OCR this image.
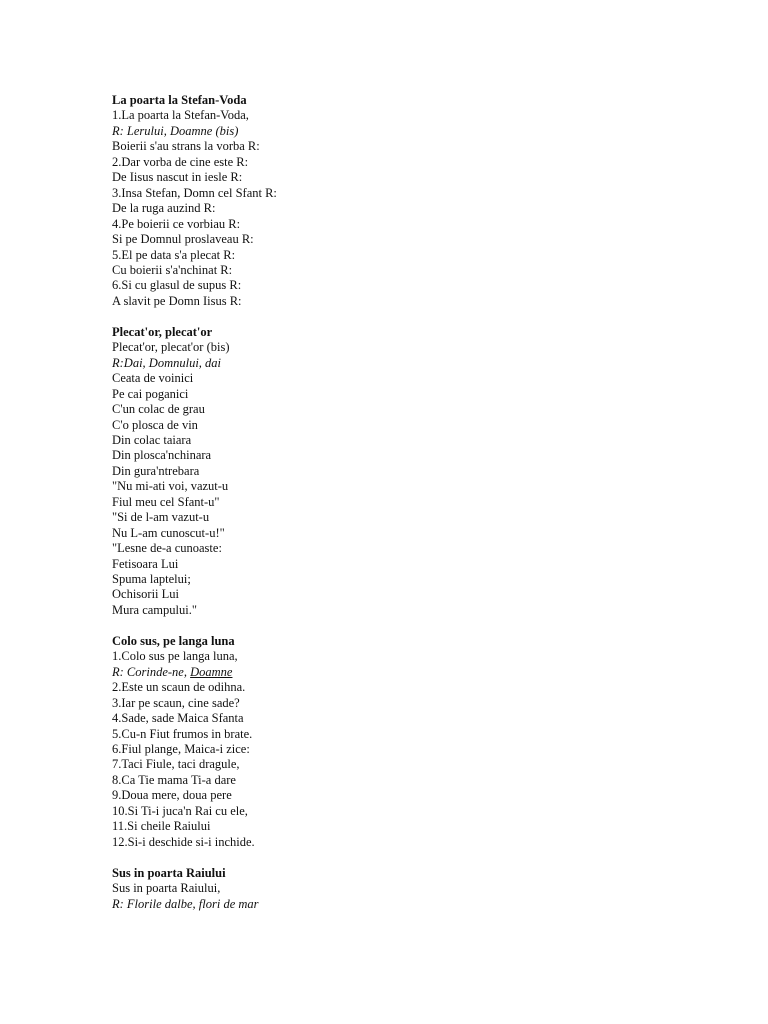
La poarta la Stefan-Voda
1.La poarta la Stefan-Voda,
R: Lerului, Doamne (bis)
Boierii s'au strans la vorba R:
2.Dar vorba de cine este R:
De Iisus nascut in iesle R:
3.Insa Stefan, Domn cel Sfant R:
De la ruga auzind R:
4.Pe boierii ce vorbiau R:
Si pe Domnul proslaveau R:
5.El pe data s'a plecat R:
Cu boierii s'a'nchinat R:
6.Si cu glasul de supus R:
A slavit pe Domn Iisus R:
Plecat'or, plecat'or
Plecat'or, plecat'or (bis)
R:Dai, Domnului, dai
Ceata de voinici
Pe cai poganici
C'un colac de grau
C'o plosca de vin
Din colac taiara
Din plosca'nchinara
Din gura'ntrebara
"Nu mi-ati voi, vazut-u
Fiul meu cel Sfant-u"
"Si de l-am vazut-u
Nu L-am cunoscut-u!"
"Lesne de-a cunoaste:
Fetisoara Lui
Spuma laptelui;
Ochisorii Lui
Mura campului."
Colo sus, pe langa luna
1.Colo sus pe langa luna,
R: Corinde-ne, Doamne
2.Este un scaun de odihna.
3.Iar pe scaun, cine sade?
4.Sade, sade Maica Sfanta
5.Cu-n Fiut frumos in brate.
6.Fiul plange, Maica-i zice:
7.Taci Fiule, taci dragule,
8.Ca Tie mama Ti-a dare
9.Doua mere, doua pere
10.Si Ti-i juca'n Rai cu ele,
11.Si cheile Raiului
12.Si-i deschide si-i inchide.
Sus in poarta Raiului
Sus in poarta Raiului,
R: Florile dalbe, flori de mar
